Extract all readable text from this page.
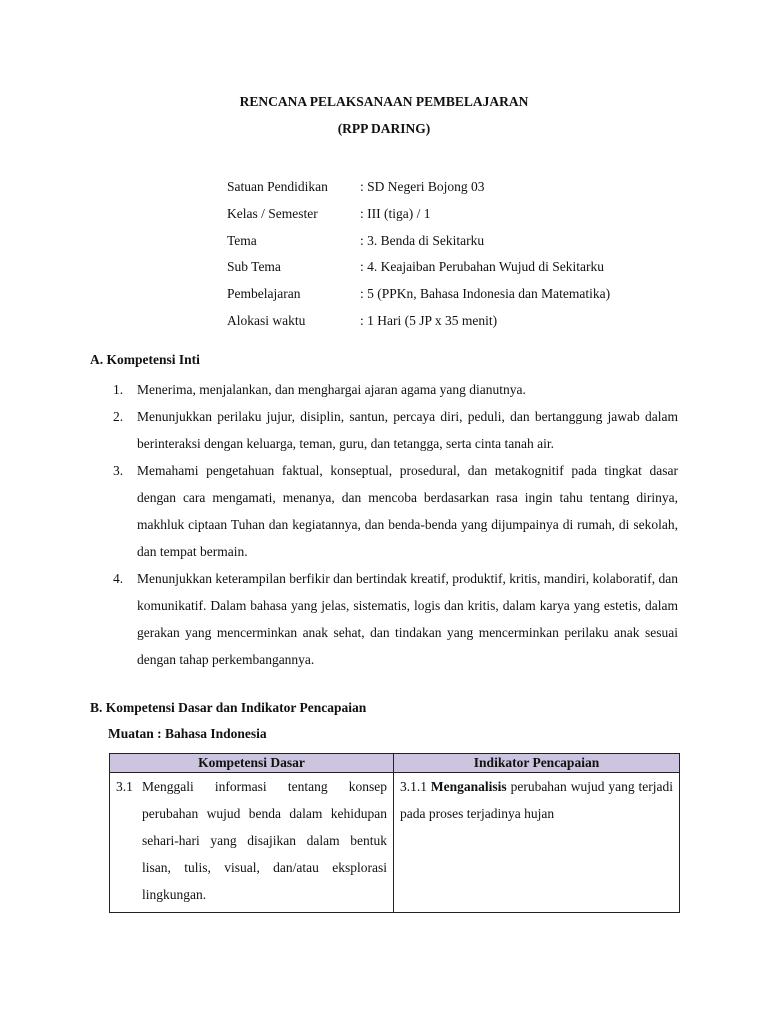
RENCANA PELAKSANAAN PEMBELAJARAN
(RPP DARING)
Satuan Pendidikan	: SD Negeri Bojong 03
Kelas / Semester	: III (tiga) / 1
Tema	: 3. Benda di Sekitarku
Sub Tema	: 4. Keajaiban Perubahan Wujud di Sekitarku
Pembelajaran	: 5 (PPKn, Bahasa Indonesia dan Matematika)
Alokasi waktu	: 1 Hari (5 JP x 35 menit)
A. Kompetensi Inti
1.	Menerima, menjalankan, dan menghargai ajaran agama yang dianutnya.
2.	Menunjukkan perilaku jujur, disiplin, santun, percaya diri, peduli, dan bertanggung jawab dalam berinteraksi dengan keluarga, teman, guru, dan tetangga, serta cinta tanah air.
3.	Memahami pengetahuan faktual, konseptual, prosedural, dan metakognitif pada tingkat dasar dengan cara mengamati, menanya, dan mencoba berdasarkan rasa ingin tahu tentang dirinya, makhluk ciptaan Tuhan dan kegiatannya, dan benda-benda yang dijumpainya di rumah, di sekolah, dan tempat bermain.
4.	Menunjukkan keterampilan berfikir dan bertindak kreatif, produktif, kritis, mandiri, kolaboratif, dan komunikatif. Dalam bahasa yang jelas, sistematis, logis dan kritis, dalam karya yang estetis, dalam gerakan yang mencerminkan anak sehat, dan tindakan yang mencerminkan perilaku anak sesuai dengan tahap perkembangannya.
B. Kompetensi Dasar dan Indikator Pencapaian
Muatan : Bahasa Indonesia
Kompetensi Dasar	Indikator Pencapaian

3.1 Menggali informasi tentang konsep perubahan wujud benda dalam kehidupan sehari-hari yang disajikan dalam bentuk lisan, tulis, visual, dan/atau eksplorasi lingkungan.	3.1.1 Menganalisis perubahan wujud yang terjadi pada proses terjadinya hujan
